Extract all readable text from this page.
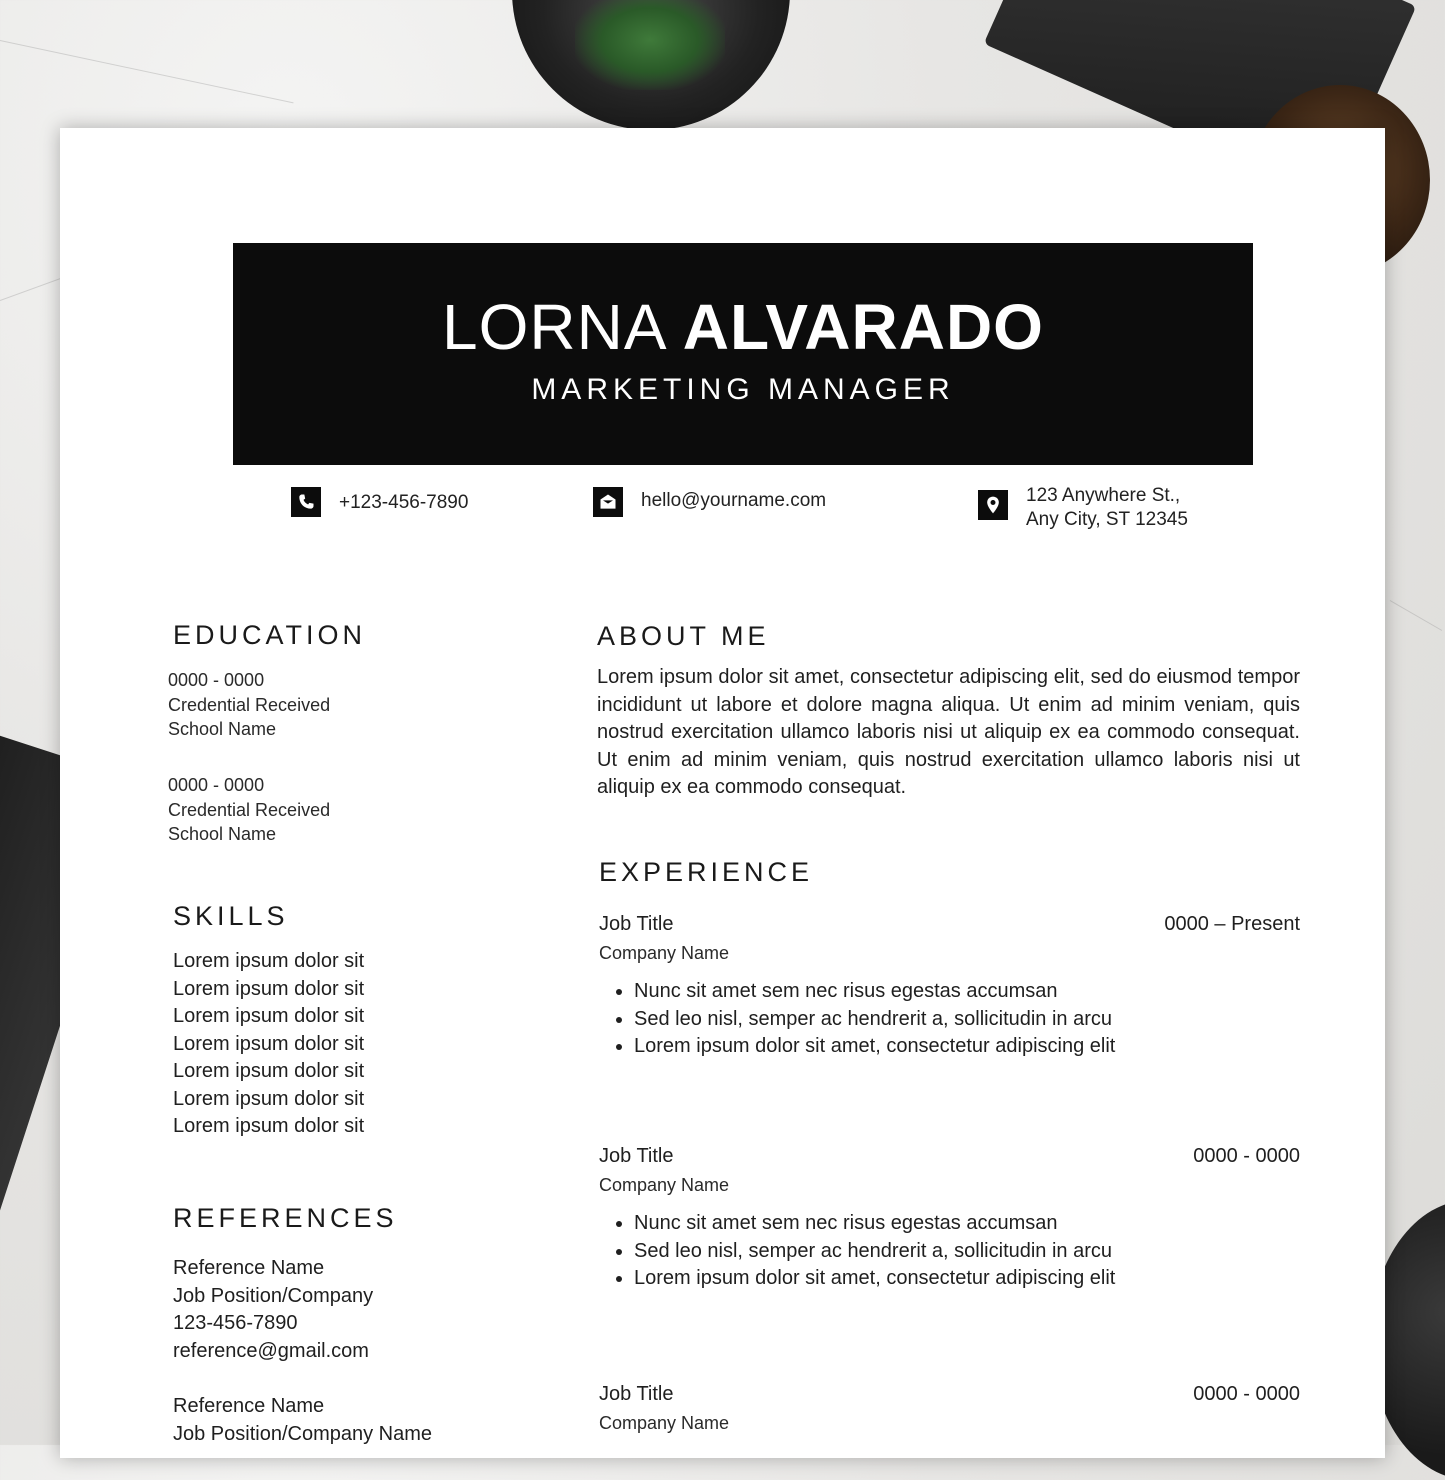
LORNA ALVARADO
MARKETING MANAGER
+123-456-7890	hello@yourname.com	123 Anywhere St.,
Any City, ST 12345
EDUCATION
0000 - 0000
Credential Received
School Name
0000 - 0000
Credential Received
School Name
SKILLS
Lorem ipsum dolor sit
Lorem ipsum dolor sit
Lorem ipsum dolor sit
Lorem ipsum dolor sit
Lorem ipsum dolor sit
Lorem ipsum dolor sit
Lorem ipsum dolor sit
REFERENCES
Reference Name
Job Position/Company
123-456-7890
reference@gmail.com
Reference Name
Job Position/Company Name
ABOUT ME
Lorem ipsum dolor sit amet, consectetur adipiscing elit, sed do eiusmod tempor incididunt ut labore et dolore magna aliqua. Ut enim ad minim veniam, quis nostrud exercitation ullamco laboris nisi ut aliquip ex ea commodo consequat. Ut enim ad minim veniam, quis nostrud exercitation ullamco laboris nisi ut aliquip ex ea commodo consequat.
EXPERIENCE
Job Title	0000 – Present
Company Name
• Nunc sit amet sem nec risus egestas accumsan
• Sed leo nisl, semper ac hendrerit a, sollicitudin in arcu
• Lorem ipsum dolor sit amet, consectetur adipiscing elit
Job Title	0000 - 0000
Company Name
• Nunc sit amet sem nec risus egestas accumsan
• Sed leo nisl, semper ac hendrerit a, sollicitudin in arcu
• Lorem ipsum dolor sit amet, consectetur adipiscing elit
Job Title	0000 - 0000
Company Name
